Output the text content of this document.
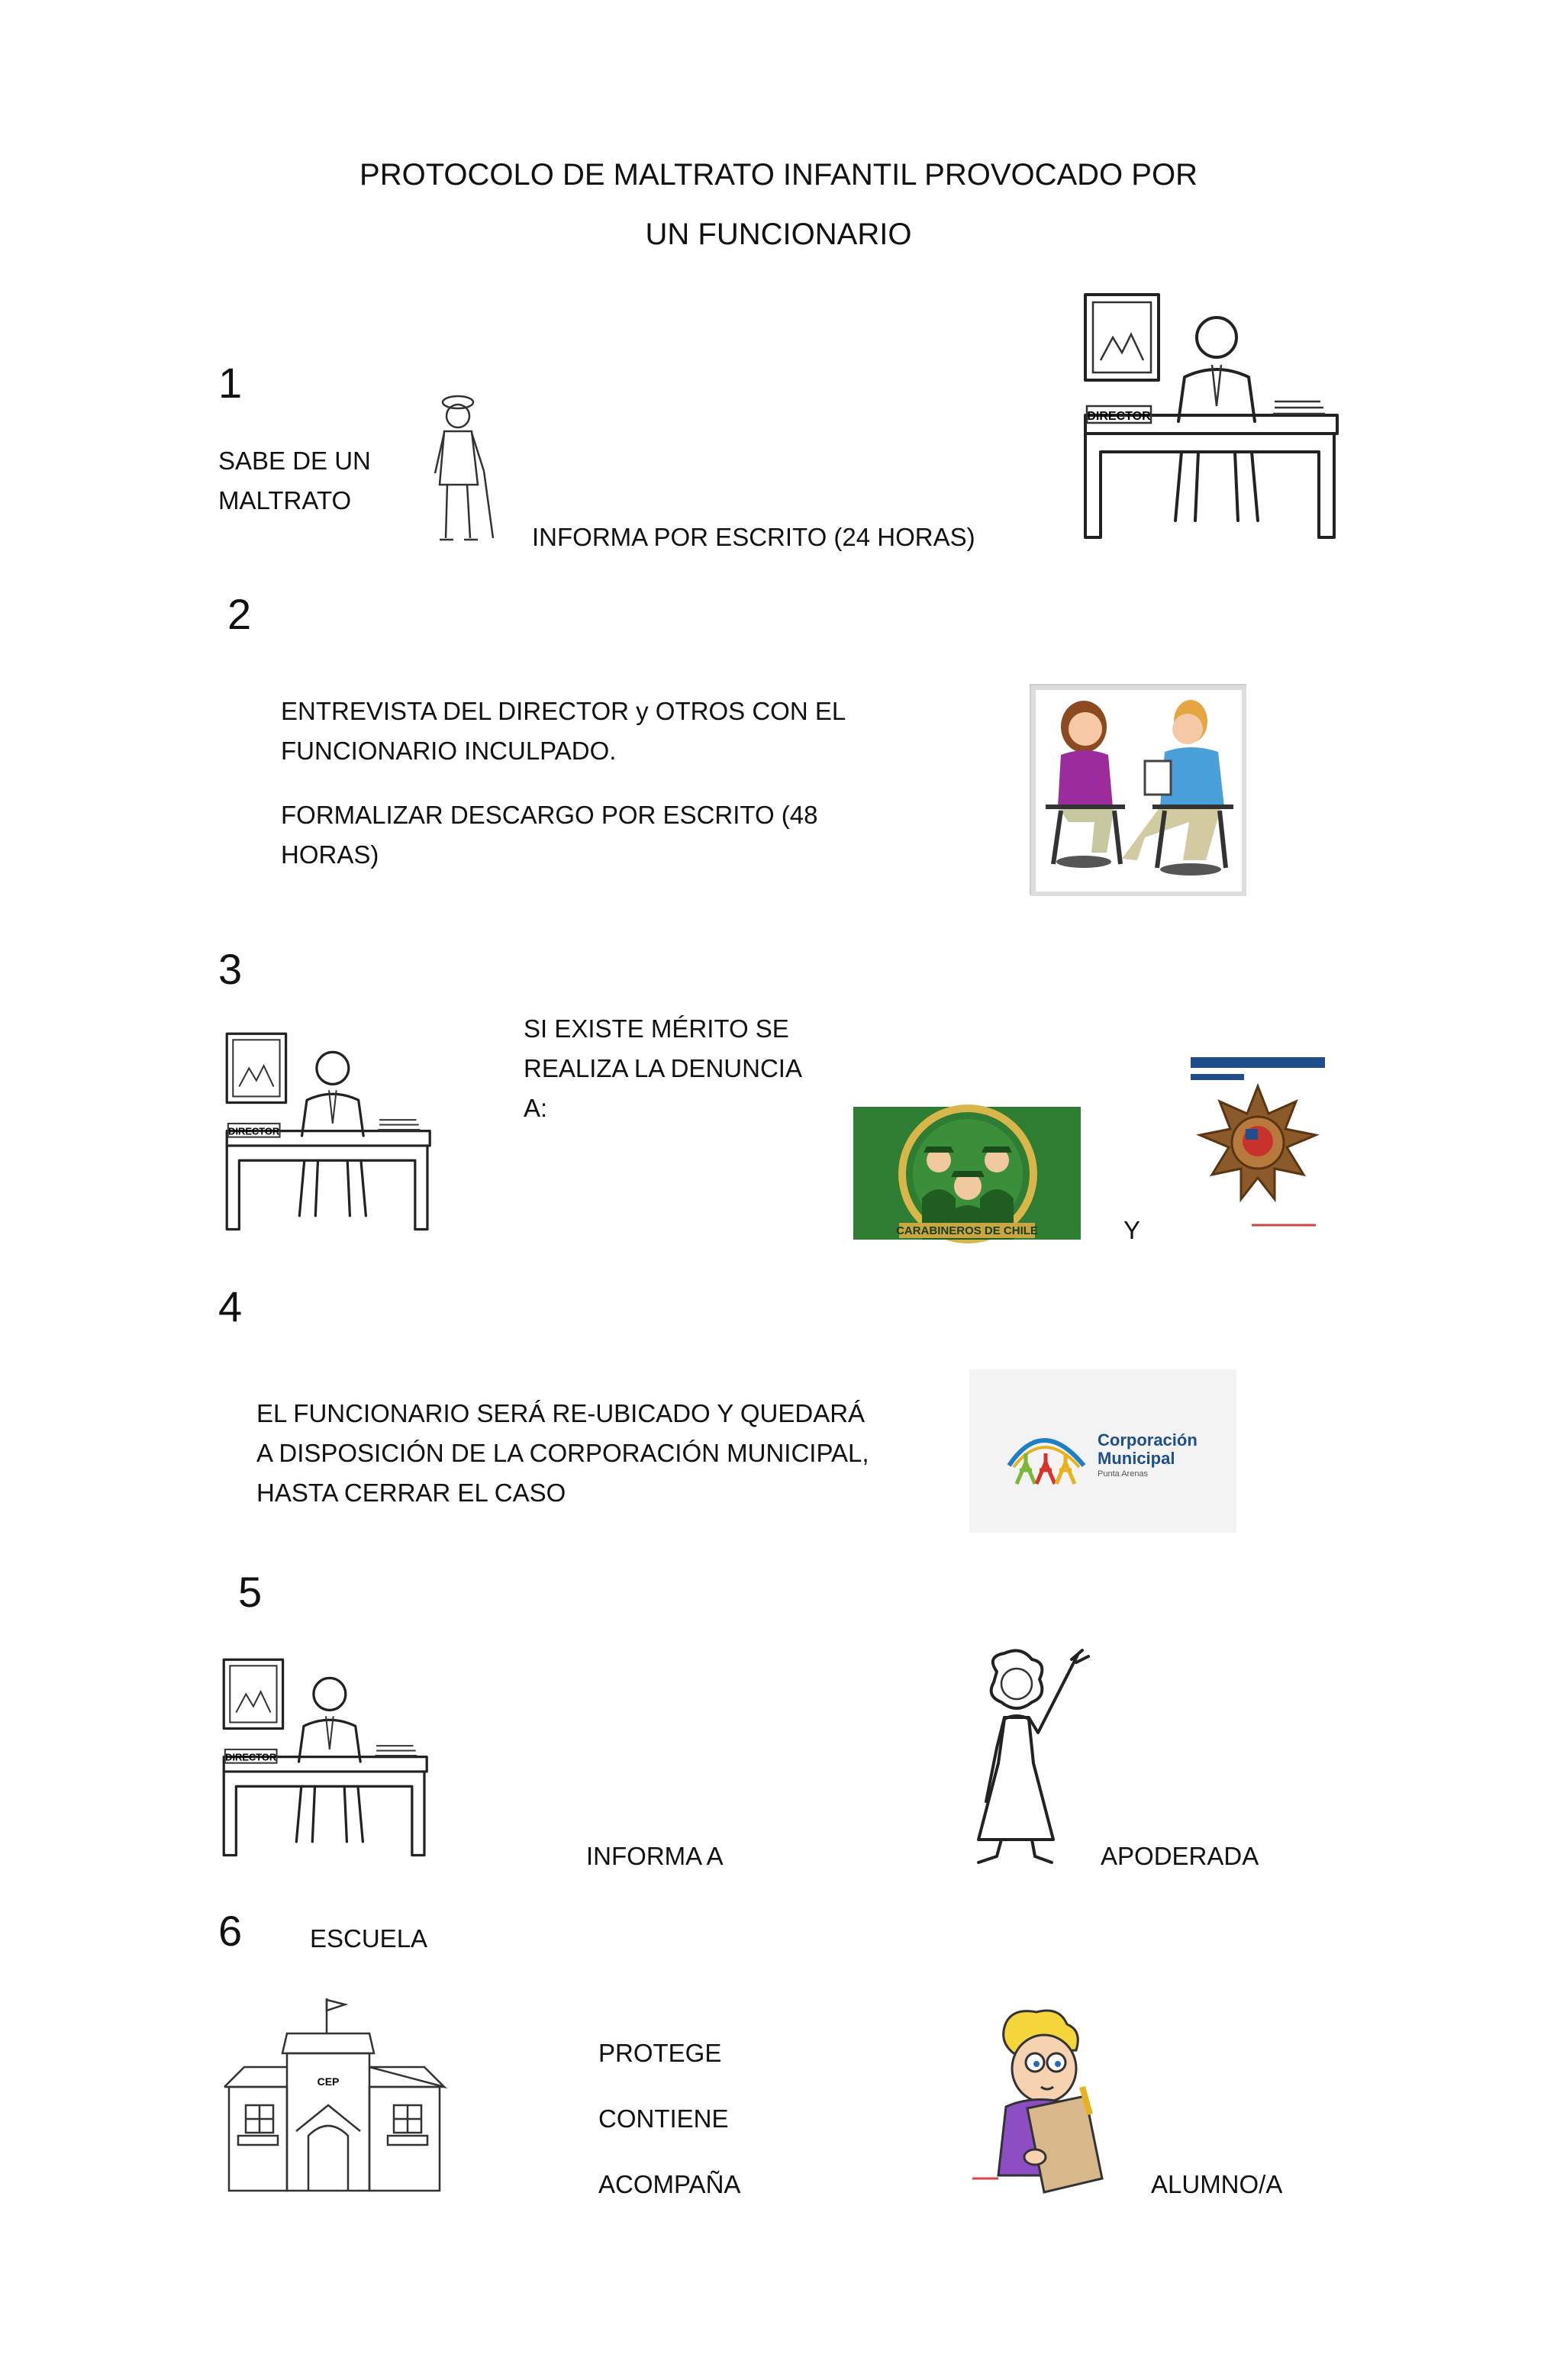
PROTOCOLO DE MALTRATO INFANTIL PROVOCADO POR
UN FUNCIONARIO
1
SABE DE UN
MALTRATO
INFORMA POR ESCRITO (24 HORAS)
DIRECTOR
2
ENTREVISTA DEL DIRECTOR y OTROS CON EL
FUNCIONARIO INCULPADO.
FORMALIZAR DESCARGO POR ESCRITO (48
HORAS)
3
DIRECTOR
SI EXISTE MÉRITO SE
REALIZA LA DENUNCIA
A:
CARABINEROS DE CHILE	Y
4
EL FUNCIONARIO SERÁ RE-UBICADO Y QUEDARÁ
A DISPOSICIÓN DE LA CORPORACIÓN MUNICIPAL,
HASTA CERRAR EL CASO
Corporación
Municipal
Punta Arenas
5
DIRECTOR
INFORMA A	APODERADA
6	ESCUELA
CEP
PROTEGE
CONTIENE
ACOMPAÑA	ALUMNO/A
